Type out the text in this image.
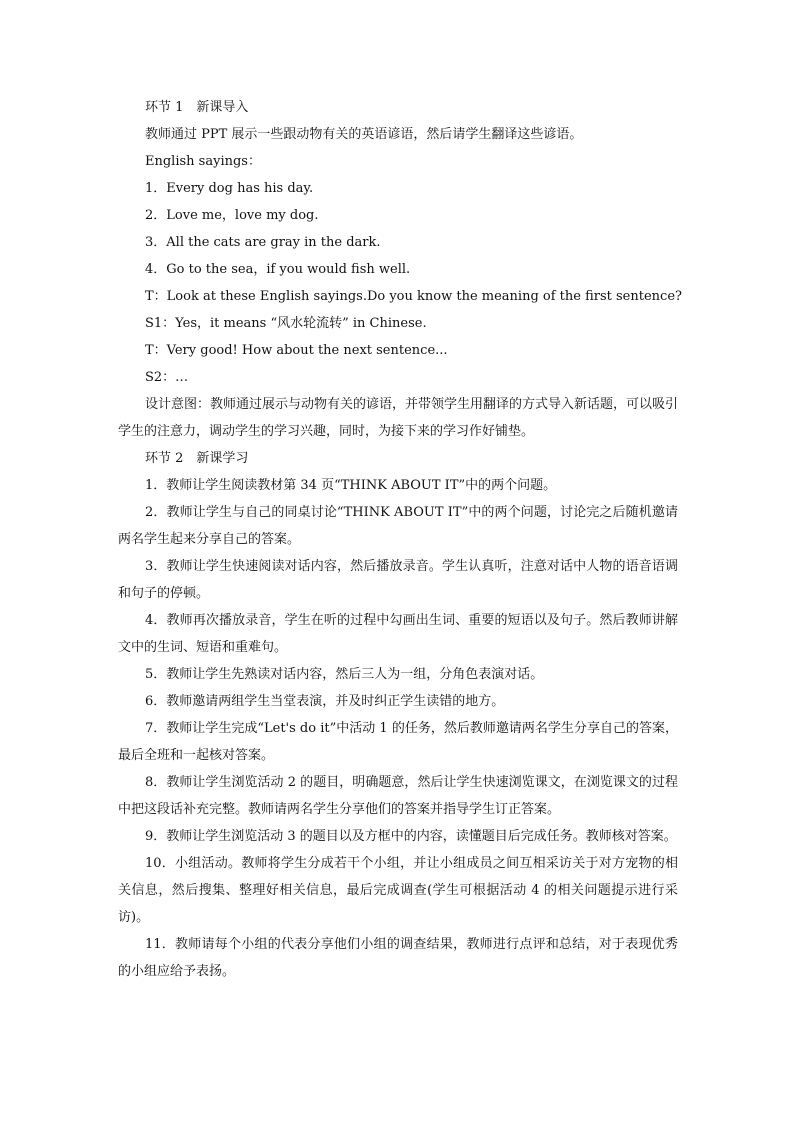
环节 1　新课导入

教师通过 PPT 展示一些跟动物有关的英语谚语，然后请学生翻译这些谚语。

English sayings：

1．Every dog has his day.

2．Love me，love my dog.

3．All the cats are gray in the dark.

4．Go to the sea，if you would fish well.

T：Look at these English sayings.Do you know the meaning of the first sentence?

S1：Yes，it means “风水轮流转” in Chinese.

T：Very good! How about the next sentence...

S2：…

设计意图：教师通过展示与动物有关的谚语，并带领学生用翻译的方式导入新话题，可以吸引学生的注意力，调动学生的学习兴趣，同时，为接下来的学习作好铺垫。

环节 2　新课学习

1．教师让学生阅读教材第 34 页“THINK ABOUT IT”中的两个问题。

2．教师让学生与自己的同桌讨论“THINK ABOUT IT”中的两个问题，讨论完之后随机邀请两名学生起来分享自己的答案。

3．教师让学生快速阅读对话内容，然后播放录音。学生认真听，注意对话中人物的语音语调和句子的停顿。

4．教师再次播放录音，学生在听的过程中勾画出生词、重要的短语以及句子。然后教师讲解文中的生词、短语和重难句。

5．教师让学生先熟读对话内容，然后三人为一组，分角色表演对话。

6．教师邀请两组学生当堂表演，并及时纠正学生读错的地方。

7．教师让学生完成“Let's do it”中活动 1 的任务，然后教师邀请两名学生分享自己的答案，最后全班和一起核对答案。

8．教师让学生浏览活动 2 的题目，明确题意，然后让学生快速浏览课文，在浏览课文的过程中把这段话补充完整。教师请两名学生分享他们的答案并指导学生订正答案。

9．教师让学生浏览活动 3 的题目以及方框中的内容，读懂题目后完成任务。教师核对答案。

10．小组活动。教师将学生分成若干个小组，并让小组成员之间互相采访关于对方宠物的相关信息，然后搜集、整理好相关信息，最后完成调查(学生可根据活动 4 的相关问题提示进行采访)。

11．教师请每个小组的代表分享他们小组的调查结果，教师进行点评和总结，对于表现优秀的小组应给予表扬。
